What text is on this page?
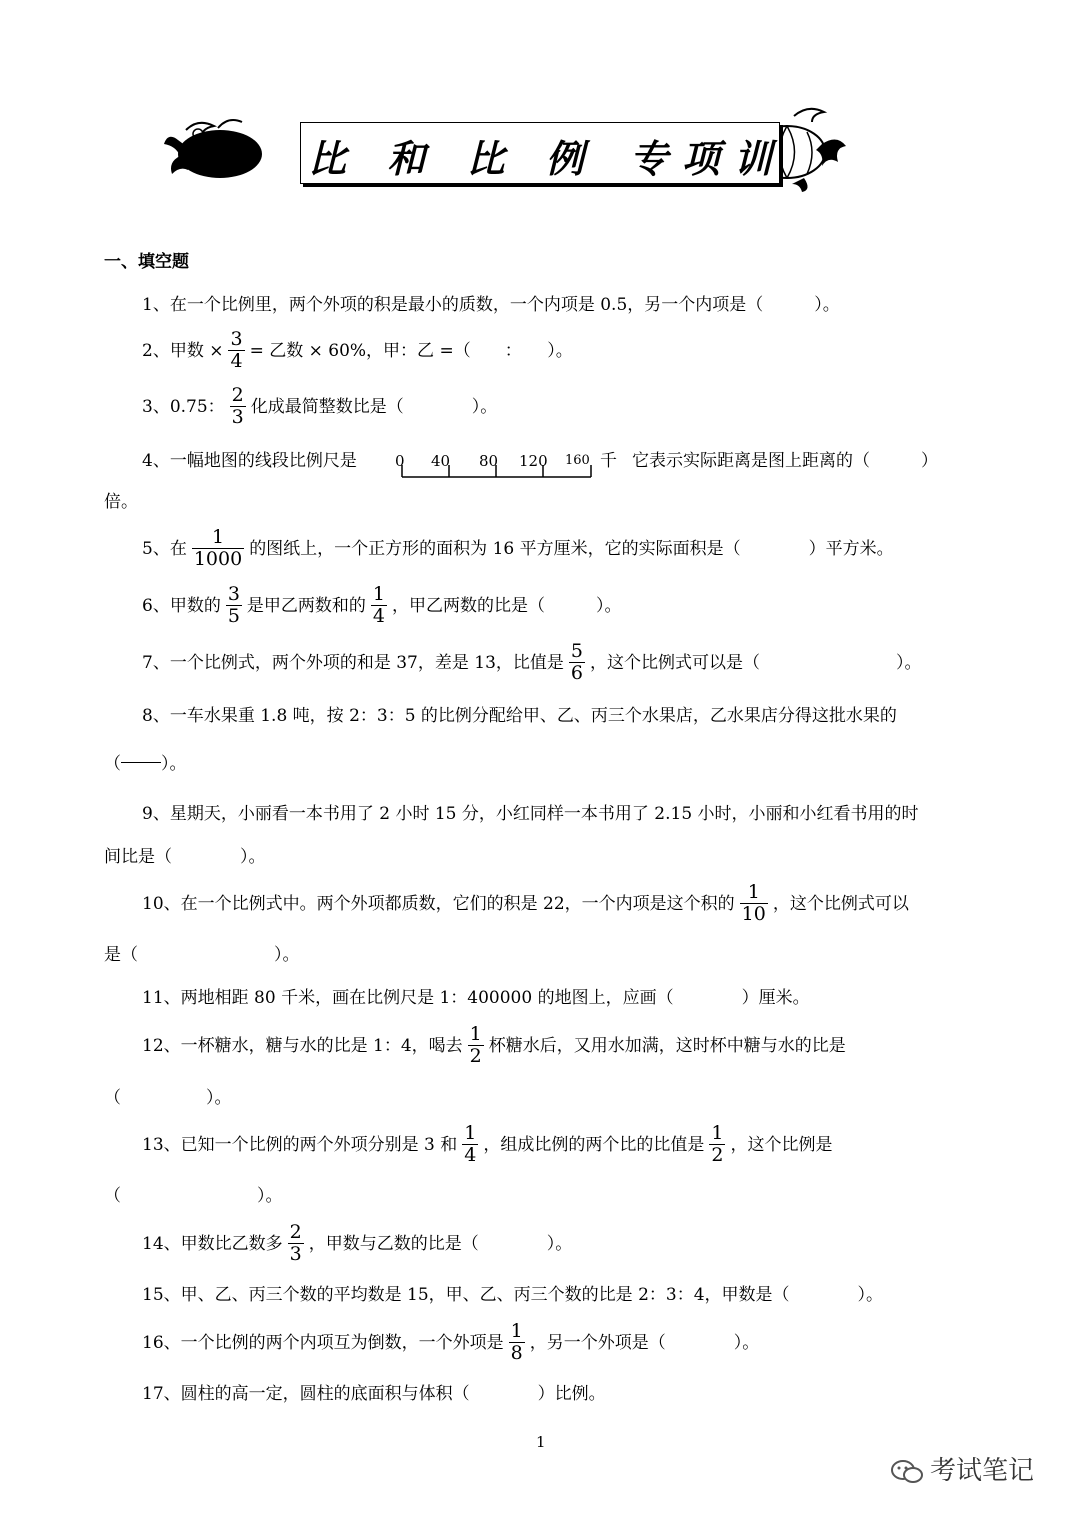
比 和 比 例 专项训
一、填空题
1、在一个比例里，两个外项的积是最小的质数，一个内项是 0.5，另一个内项是（　　　）。
2、甲数 × $\frac{3}{4}$ = 乙数 × 60%，甲：乙 =（　　：　　）。
3、0.75： $\frac{2}{3}$ 化成最简整数比是（　　　　）。
4、一幅地图的线段比例尺是	0 40 80 120 160 千 它表示实际距离是图上距离的（　　　）
倍。
5、在 $\frac{1}{1000}$ 的图纸上，一个正方形的面积为 16 平方厘米，它的实际面积是（　　　　）平方米。
6、甲数的 $\frac{3}{5}$ 是甲乙两数和的 $\frac{1}{4}$ ，甲乙两数的比是（　　　）。
7、一个比例式，两个外项的和是 37，差是 13，比值是 $\frac{5}{6}$ ，这个比例式可以是（　　　　　　　　）。
8、一车水果重 1.8 吨，按 2：3：5 的比例分配给甲、乙、丙三个水果店，乙水果店分得这批水果的
（ ）。
9、星期天，小丽看一本书用了 2 小时 15 分，小红同样一本书用了 2.15 小时，小丽和小红看书用的时
间比是（　　　　）。
10、在一个比例式中。两个外项都质数，它们的积是 22，一个内项是这个积的 $\frac{1}{10}$ ，这个比例式可以
是（　　　　　　　　）。
11、两地相距 80 千米，画在比例尺是 1：400000 的地图上，应画（　　　　）厘米。
12、一杯糖水，糖与水的比是 1：4，喝去 $\frac{1}{2}$ 杯糖水后，又用水加满，这时杯中糖与水的比是
（　　　　　）。
13、已知一个比例的两个外项分别是 3 和 $\frac{1}{4}$ ，组成比例的两个比的比值是 $\frac{1}{2}$ ，这个比例是
（　　　　　　　　）。
14、甲数比乙数多 $\frac{2}{3}$ ，甲数与乙数的比是（　　　　）。
15、甲、乙、丙三个数的平均数是 15，甲、乙、丙三个数的比是 2：3：4，甲数是（　　　　）。
16、一个比例的两个内项互为倒数，一个外项是 $\frac{1}{8}$ ，另一个外项是（　　　　）。
17、圆柱的高一定，圆柱的底面积与体积（　　　　）比例。
1
考试笔记
